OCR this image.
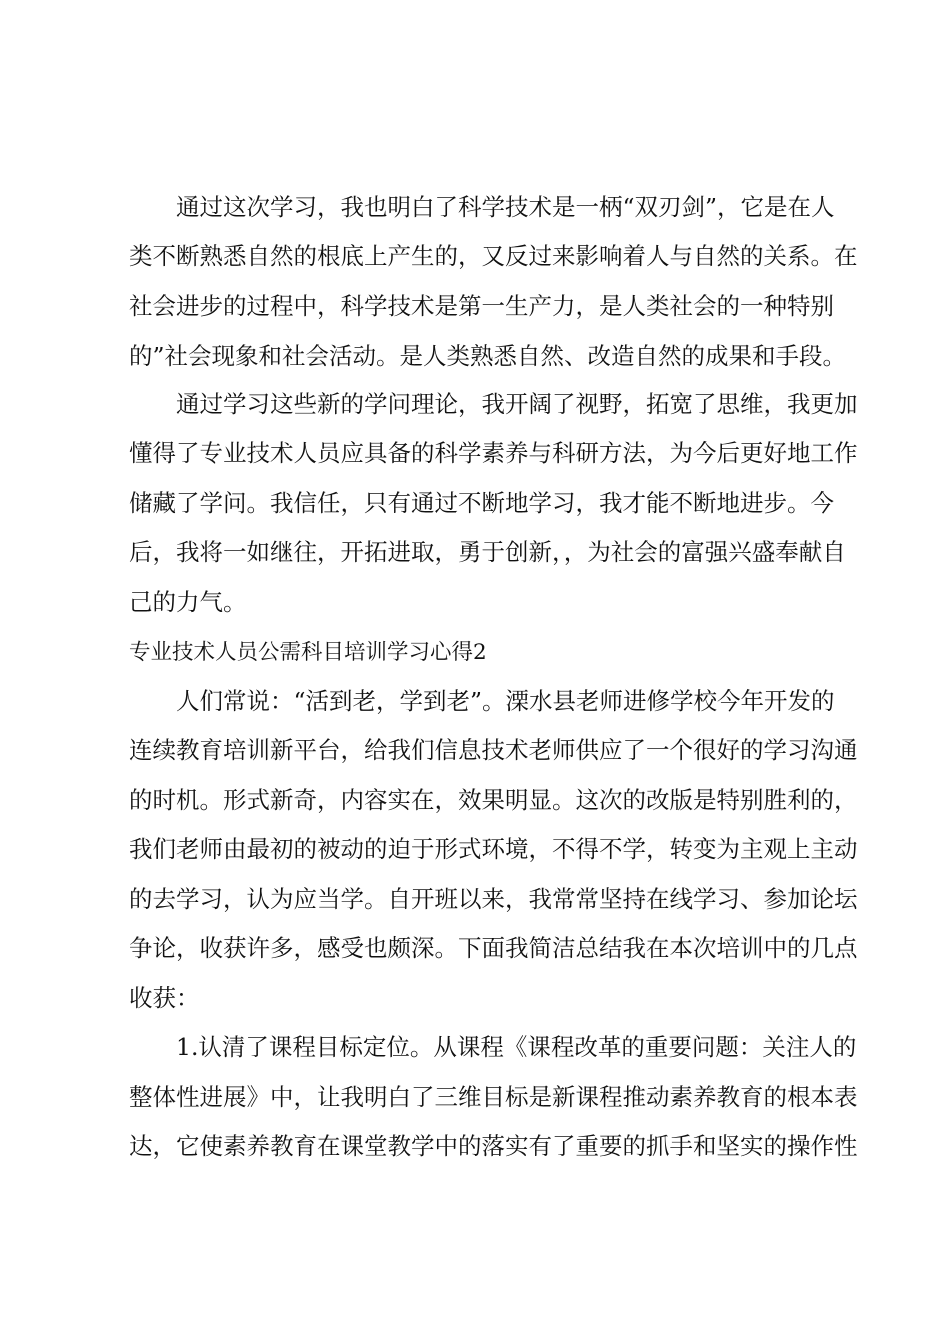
通过这次学习，我也明白了科学技术是一柄“双刃剑”，它是在人
类不断熟悉自然的根底上产生的，又反过来影响着人与自然的关系。在
社会进步的过程中，科学技术是第一生产力，是人类社会的一种特别
的”社会现象和社会活动。是人类熟悉自然、改造自然的成果和手段。
通过学习这些新的学问理论，我开阔了视野，拓宽了思维，我更加
懂得了专业技术人员应具备的科学素养与科研方法，为今后更好地工作
储藏了学问。我信任，只有通过不断地学习，我才能不断地进步。今
后，我将一如继往，开拓进取，勇于创新，，为社会的富强兴盛奉献自
己的力气。
专业技术人员公需科目培训学习心得2
人们常说：“活到老，学到老”。溧水县老师进修学校今年开发的
连续教育培训新平台，给我们信息技术老师供应了一个很好的学习沟通
的时机。形式新奇，内容实在，效果明显。这次的改版是特别胜利的，
我们老师由最初的被动的迫于形式环境，不得不学，转变为主观上主动
的去学习，认为应当学。自开班以来，我常常坚持在线学习、参加论坛
争论，收获许多，感受也颇深。下面我简洁总结我在本次培训中的几点
收获：
1.认清了课程目标定位。从课程《课程改革的重要问题：关注人的
整体性进展》中，让我明白了三维目标是新课程推动素养教育的根本表
达，它使素养教育在课堂教学中的落实有了重要的抓手和坚实的操作性
